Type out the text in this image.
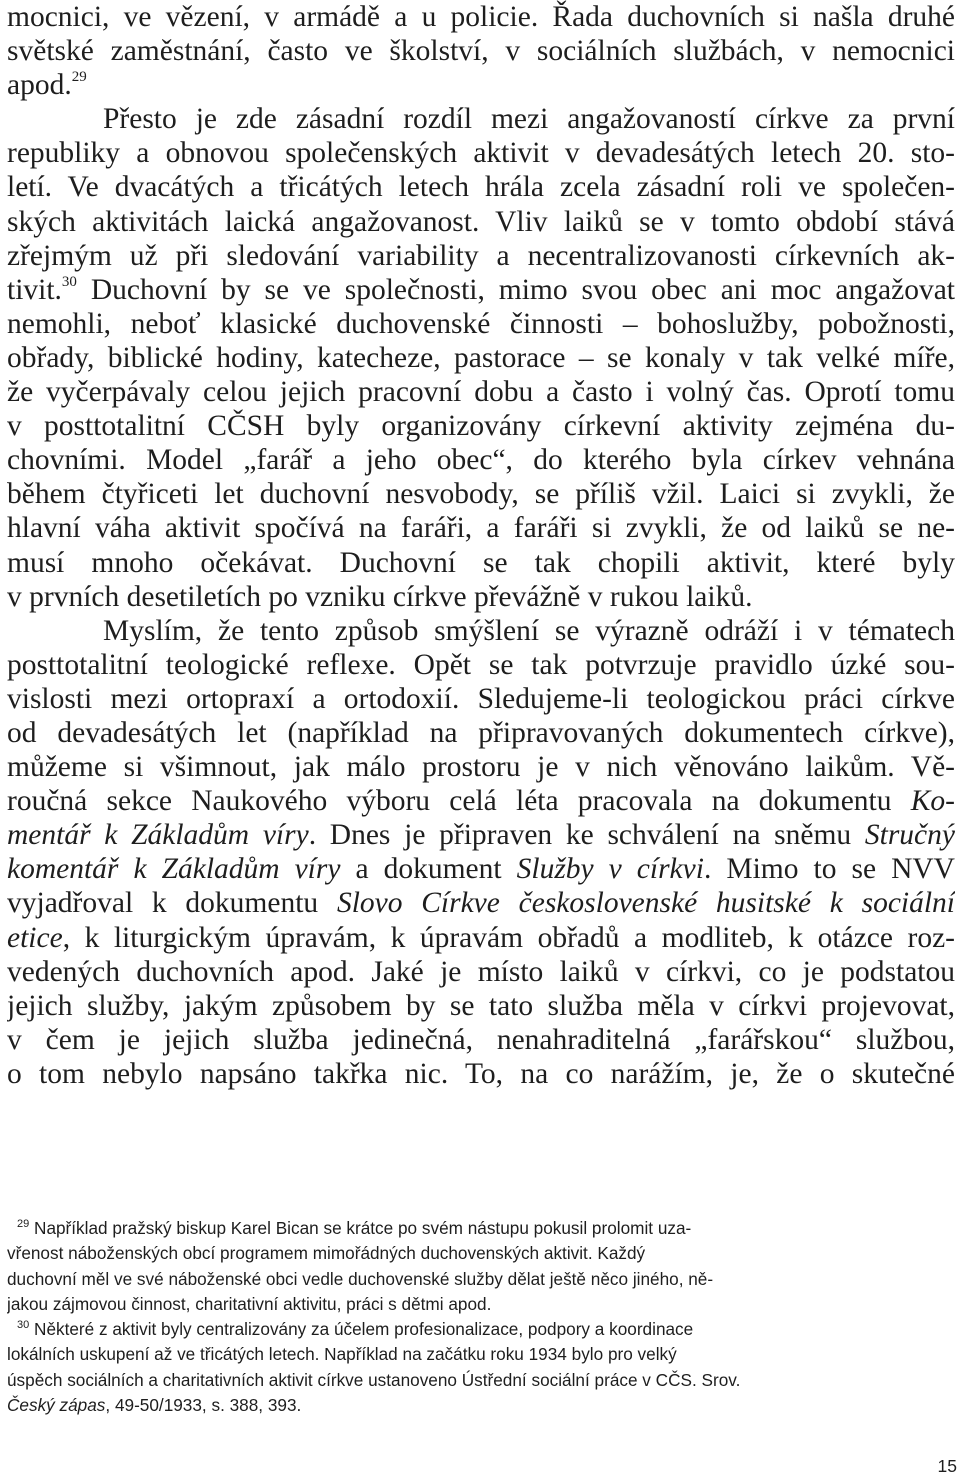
mocnici, ve vězení, v armádě a u policie. Řada duchovních si našla druhé
světské zaměstnání, často ve školství, v sociálních službách, v nemocnici
apod.$^{29}$
Přesto je zde zásadní rozdíl mezi angažovaností církve za první
republiky a obnovou společenských aktivit v devadesátých letech 20. sto-
letí. Ve dvacátých a třicátých letech hrála zcela zásadní roli ve společen-
ských aktivitách laická angažovanost. Vliv laiků se v tomto období stává
zřejmým už při sledování variability a necentralizovanosti církevních ak-
tivit.$^{30}$ Duchovní by se ve společnosti, mimo svou obec ani moc angažovat
nemohli, neboť klasické duchovenské činnosti – bohoslužby, pobožnosti,
obřady, biblické hodiny, katecheze, pastorace – se konaly v tak velké míře,
že vyčerpávaly celou jejich pracovní dobu a často i volný čas. Oprotí tomu
v posttotalitní CČSH byly organizovány církevní aktivity zejména du-
chovními. Model „farář a jeho obec“, do kterého byla církev vehnána
během čtyřiceti let duchovní nesvobody, se příliš vžil. Laici si zvykli, že
hlavní váha aktivit spočívá na faráři, a faráři si zvykli, že od laiků se ne-
musí mnoho očekávat. Duchovní se tak chopili aktivit, které byly
v prvních desetiletích po vzniku církve převážně v rukou laiků.
Myslím, že tento způsob smýšlení se výrazně odráží i v tématech
posttotalitní teologické reflexe. Opět se tak potvrzuje pravidlo úzké sou-
vislosti mezi ortopraxí a ortodoxií. Sledujeme-li teologickou práci církve
od devadesátých let (například na připravovaných dokumentech církve),
můžeme si všimnout, jak málo prostoru je v nich věnováno laikům. Vě-
roučná sekce Naukového výboru celá léta pracovala na dokumentu Ko-
mentář k Základům víry. Dnes je připraven ke schválení na sněmu Stručný
komentář k Základům víry a dokument Služby v církvi. Mimo to se NVV
vyjadřoval k dokumentu Slovo Církve československé husitské k sociální
etice, k liturgickým úpravám, k úpravám obřadů a modliteb, k otázce roz-
vedených duchovních apod. Jaké je místo laiků v církvi, co je podstatou
jejich služby, jakým způsobem by se tato služba měla v církvi projevovat,
v čem je jejich služba jedinečná, nenahraditelná „farářskou“ službou,
o tom nebylo napsáno takřka nic. To, na co narážím, je, že o skutečné
$^{29}$ Například pražský biskup Karel Bican se krátce po svém nástupu pokusil prolomit uza-
vřenost náboženských obcí programem mimořádných duchovenských aktivit. Každý
duchovní měl ve své náboženské obci vedle duchovenské služby dělat ještě něco jiného, ně-
jakou zájmovou činnost, charitativní aktivitu, práci s dětmi apod.
$^{30}$ Některé z aktivit byly centralizovány za účelem profesionalizace, podpory a koordinace
lokálních uskupení až ve třicátých letech. Například na začátku roku 1934 bylo pro velký
úspěch sociálních a charitativních aktivit církve ustanoveno Ústřední sociální práce v CČS. Srov.
Český zápas, 49-50/1933, s. 388, 393.
15
